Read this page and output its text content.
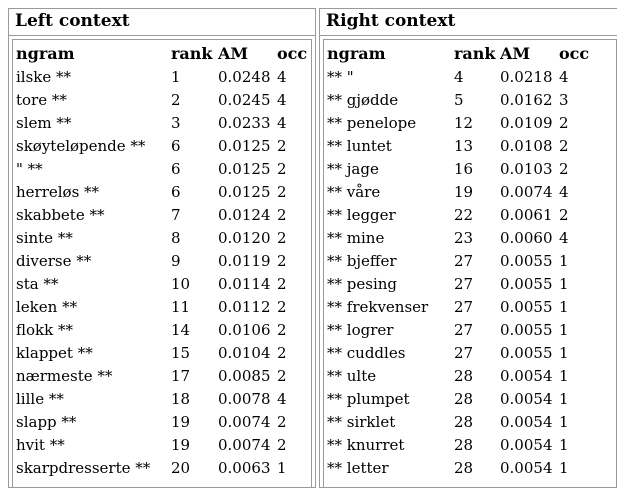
Left context
ngram	rank	AM	occ
ilske **	1	0.0248	4
tore **	2	0.0245	4
slem **	3	0.0233	4
skøyteløpende **	6	0.0125	2
" **	6	0.0125	2
herreløs **	6	0.0125	2
skabbete **	7	0.0124	2
sinte **	8	0.0120	2
diverse **	9	0.0119	2
sta **	10	0.0114	2
leken **	11	0.0112	2
flokk **	14	0.0106	2
klappet **	15	0.0104	2
nærmeste **	17	0.0085	2
lille **	18	0.0078	4
slapp **	19	0.0074	2
hvit **	19	0.0074	2
skarpdresserte **	20	0.0063	1
Right context
ngram	rank	AM	occ
** "	4	0.0218	4
** gjødde	5	0.0162	3
** penelope	12	0.0109	2
** luntet	13	0.0108	2
** jage	16	0.0103	2
** våre	19	0.0074	4
** legger	22	0.0061	2
** mine	23	0.0060	4
** bjeffer	27	0.0055	1
** pesing	27	0.0055	1
** frekvenser	27	0.0055	1
** logrer	27	0.0055	1
** cuddles	27	0.0055	1
** ulte	28	0.0054	1
** plumpet	28	0.0054	1
** sirklet	28	0.0054	1
** knurret	28	0.0054	1
** letter	28	0.0054	1
